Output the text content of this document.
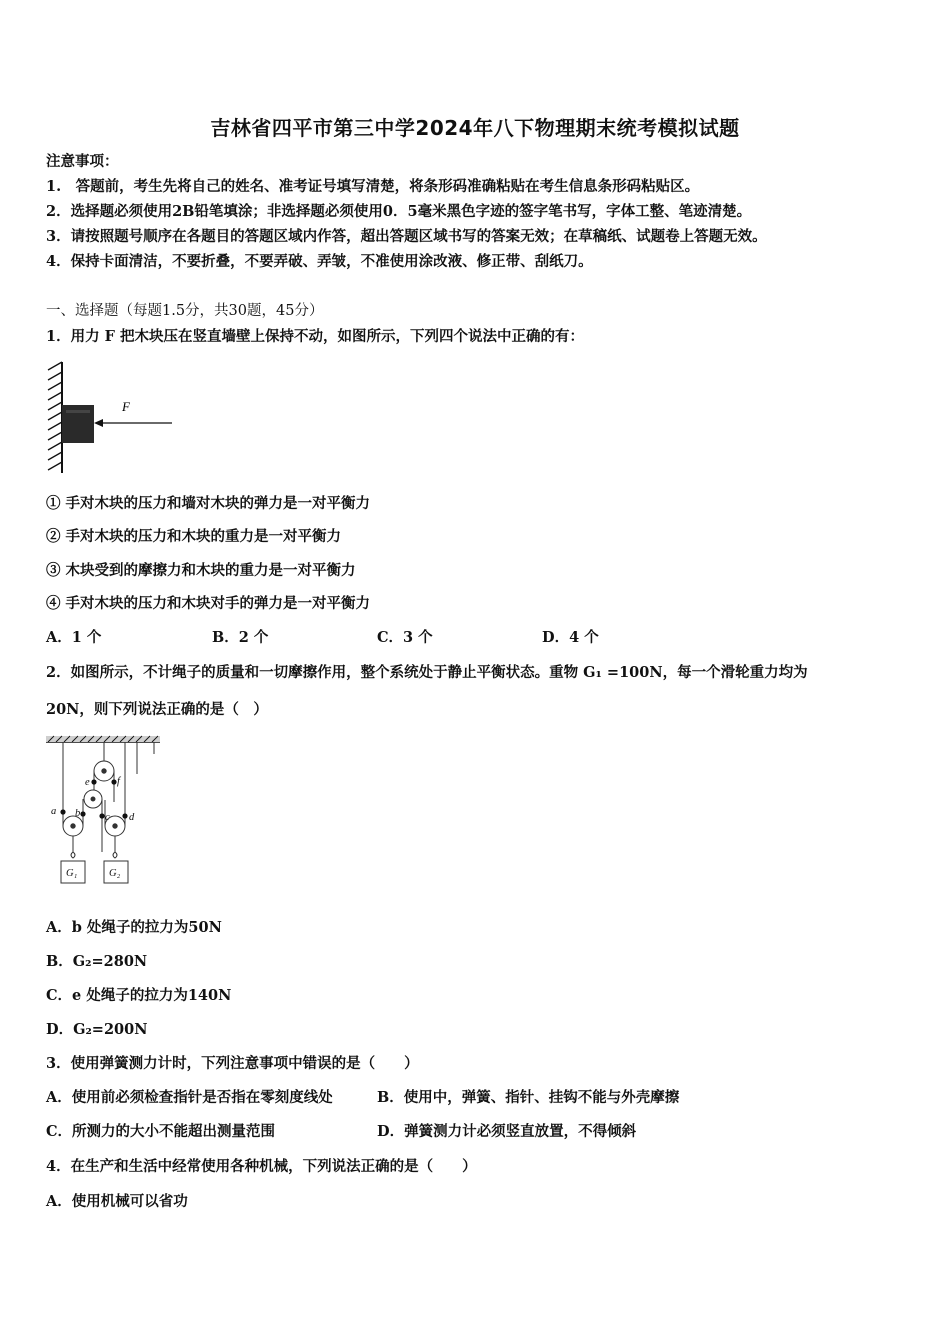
吉林省四平市第三中学2024年八下物理期末统考模拟试题
注意事项：
1.　答题前，考生先将自己的姓名、准考证号填写清楚，将条形码准确粘贴在考生信息条形码粘贴区。
2．选择题必须使用2B铅笔填涂；非选择题必须使用0．5毫米黑色字迹的签字笔书写，字体工整、笔迹清楚。
3．请按照题号顺序在各题目的答题区域内作答，超出答题区域书写的答案无效；在草稿纸、试题卷上答题无效。
4．保持卡面清洁，不要折叠，不要弄破、弄皱，不准使用涂改液、修正带、刮纸刀。
一、选择题（每题1.5分，共30题，45分）
1．用力 F 把木块压在竖直墙壁上保持不动，如图所示，下列四个说法中正确的有：
F
① 手对木块的压力和墙对木块的弹力是一对平衡力
② 手对木块的压力和木块的重力是一对平衡力
③ 木块受到的摩擦力和木块的重力是一对平衡力
④ 手对木块的压力和木块对手的弹力是一对平衡力
A．1 个	B．2 个	C．3 个	D．4 个
2．如图所示，不计绳子的质量和一切摩擦作用，整个系统处于静止平衡状态。重物 G₁ =100N，每一个滑轮重力均为
20N，则下列说法正确的是（　）
a b c d
e	f
G₁	G₂
A．b 处绳子的拉力为50N
B．G₂=280N
C．e 处绳子的拉力为140N
D．G₂=200N
3．使用弹簧测力计时，下列注意事项中错误的是（　　）
A．使用前必须检查指针是否指在零刻度线处	B．使用中，弹簧、指针、挂钩不能与外壳摩擦
C．所测力的大小不能超出测量范围	D．弹簧测力计必须竖直放置，不得倾斜
4．在生产和生活中经常使用各种机械，下列说法正确的是（　　）
A．使用机械可以省功
